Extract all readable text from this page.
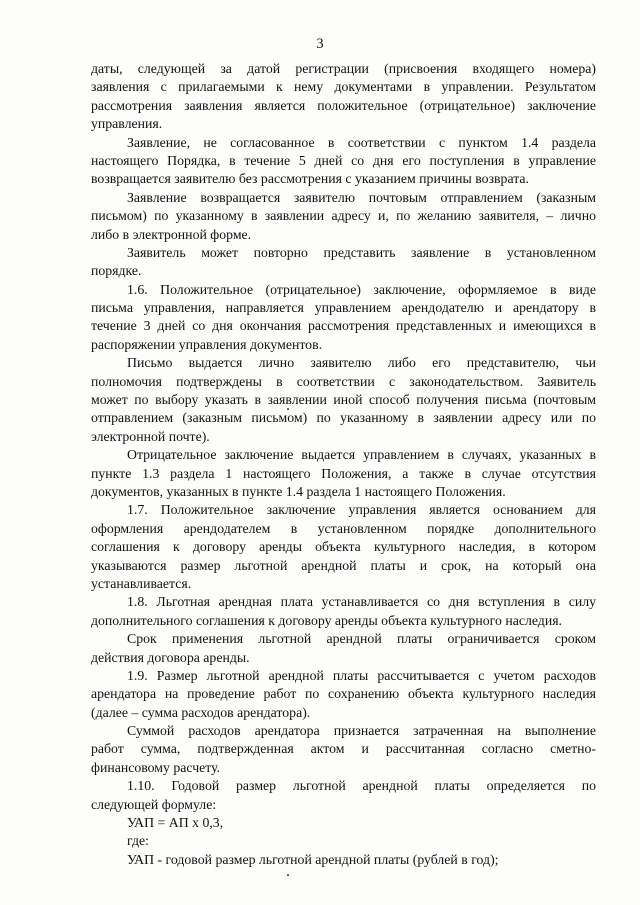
3
даты, следующей за датой регистрации (присвоения входящего номера)
заявления с прилагаемыми к нему документами в управлении. Результатом
рассмотрения заявления является положительное (отрицательное) заключение
управления.
Заявление, не согласованное в соответствии с пунктом 1.4 раздела
настоящего Порядка, в течение 5 дней со дня его поступления в управление
возвращается заявителю без рассмотрения с указанием причины возврата.
Заявление возвращается заявителю почтовым отправлением (заказным
письмом) по указанному в заявлении адресу и, по желанию заявителя, – лично
либо в электронной форме.
Заявитель может повторно представить заявление в установленном
порядке.
1.6. Положительное (отрицательное) заключение, оформляемое в виде
письма управления, направляется управлением арендодателю и арендатору в
течение 3 дней со дня окончания рассмотрения представленных и имеющихся в
распоряжении управления документов.
Письмо выдается лично заявителю либо его представителю, чьи
полномочия подтверждены в соответствии с законодательством. Заявитель
может по выбору указать в заявлении иной способ получения письма (почтовым
отправлением (заказным письмом) по указанному в заявлении адресу или по
электронной почте).
Отрицательное заключение выдается управлением в случаях, указанных в
пункте 1.3 раздела 1 настоящего Положения, а также в случае отсутствия
документов, указанных в пункте 1.4 раздела 1 настоящего Положения.
1.7. Положительное заключение управления является основанием для
оформления арендодателем в установленном порядке дополнительного
соглашения к договору аренды объекта культурного наследия, в котором
указываются размер льготной арендной платы и срок, на который она
устанавливается.
1.8. Льготная арендная плата устанавливается со дня вступления в силу
дополнительного соглашения к договору аренды объекта культурного наследия.
Срок применения льготной арендной платы ограничивается сроком
действия договора аренды.
1.9. Размер льготной арендной платы рассчитывается с учетом расходов
арендатора на проведение работ по сохранению объекта культурного наследия
(далее – сумма расходов арендатора).
Суммой расходов арендатора признается затраченная на выполнение
работ сумма, подтвержденная актом и рассчитанная согласно сметно-
финансовому расчету.
1.10. Годовой размер льготной арендной платы определяется по
следующей формуле:
УАП = АП х 0,3,
где:
УАП - годовой размер льготной арендной платы (рублей в год);
